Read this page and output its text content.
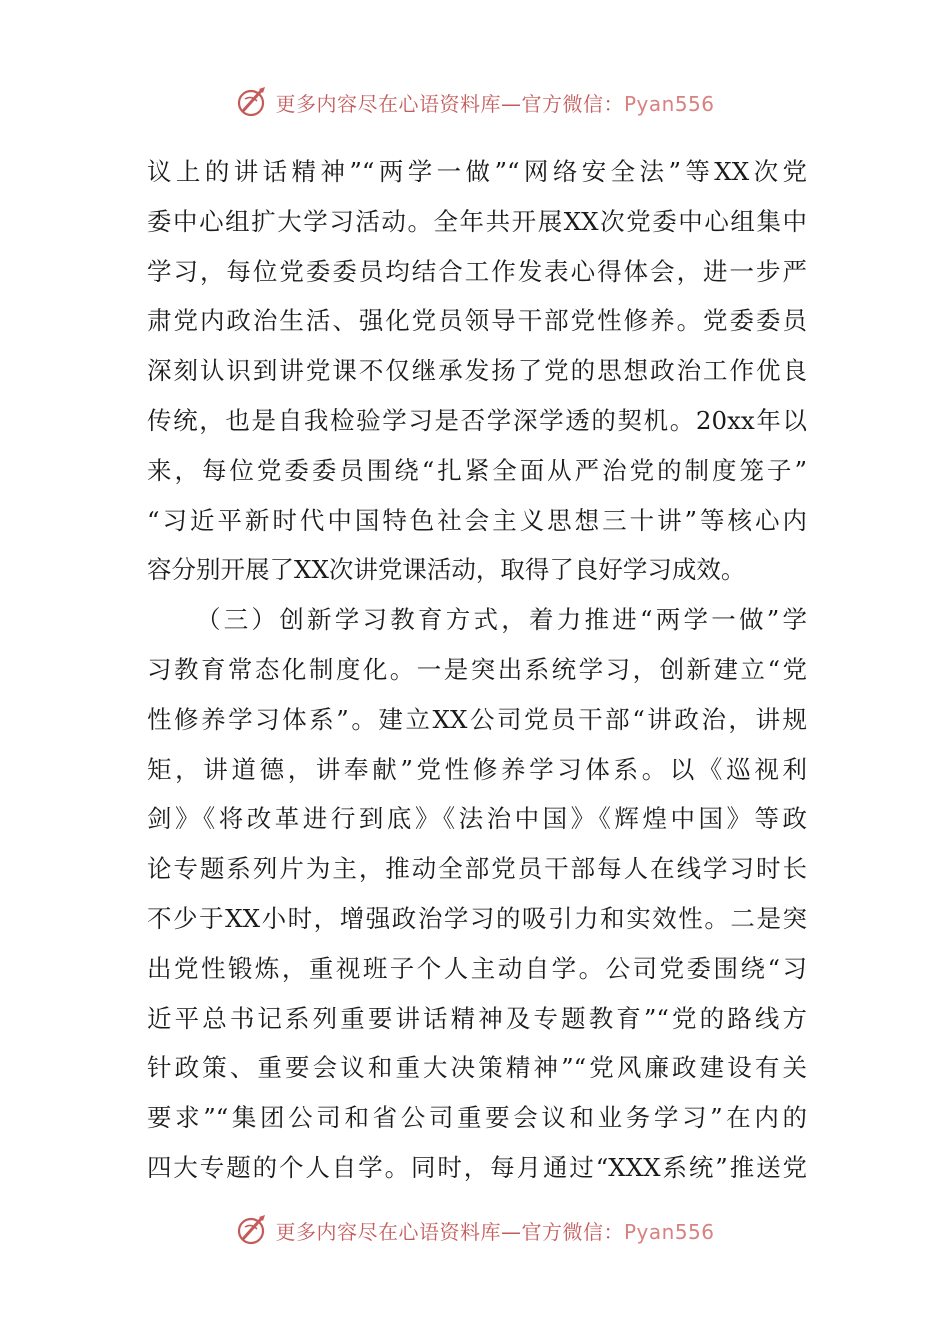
更多内容尽在心语资料库—官方微信：Pyan556
议上的讲话精神”“两学一做”“网络安全法”等XX次党
委中心组扩大学习活动。全年共开展XX次党委中心组集中
学习，每位党委委员均结合工作发表心得体会，进一步严
肃党内政治生活、强化党员领导干部党性修养。党委委员
深刻认识到讲党课不仅继承发扬了党的思想政治工作优良
传统，也是自我检验学习是否学深学透的契机。20xx年以
来，每位党委委员围绕“扎紧全面从严治党的制度笼子”
“习近平新时代中国特色社会主义思想三十讲”等核心内
容分别开展了XX次讲党课活动，取得了良好学习成效。
（三）创新学习教育方式，着力推进“两学一做”学
习教育常态化制度化。一是突出系统学习，创新建立“党
性修养学习体系”。建立XX公司党员干部“讲政治，讲规
矩，讲道德，讲奉献”党性修养学习体系。以《巡视利
剑》《将改革进行到底》《法治中国》《辉煌中国》等政
论专题系列片为主，推动全部党员干部每人在线学习时长
不少于XX小时，增强政治学习的吸引力和实效性。二是突
出党性锻炼，重视班子个人主动自学。公司党委围绕“习
近平总书记系列重要讲话精神及专题教育”“党的路线方
针政策、重要会议和重大决策精神”“党风廉政建设有关
要求”“集团公司和省公司重要会议和业务学习”在内的
四大专题的个人自学。同时，每月通过“XXX系统”推送党
更多内容尽在心语资料库—官方微信：Pyan556
